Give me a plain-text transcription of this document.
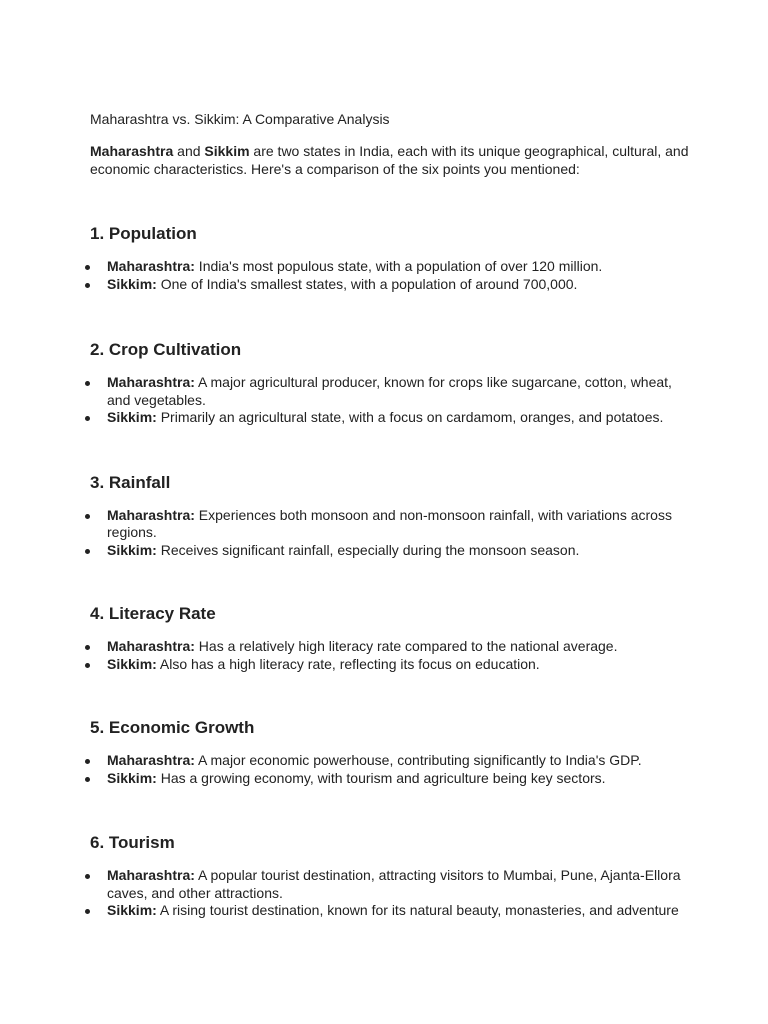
Maharashtra vs. Sikkim: A Comparative Analysis

Maharashtra and Sikkim are two states in India, each with its unique geographical, cultural, and economic characteristics. Here's a comparison of the six points you mentioned:

1. Population
Maharashtra: India's most populous state, with a population of over 120 million.
Sikkim: One of India's smallest states, with a population of around 700,000.
2. Crop Cultivation
Maharashtra: A major agricultural producer, known for crops like sugarcane, cotton, wheat, and vegetables.
Sikkim: Primarily an agricultural state, with a focus on cardamom, oranges, and potatoes.
3. Rainfall
Maharashtra: Experiences both monsoon and non-monsoon rainfall, with variations across regions.
Sikkim: Receives significant rainfall, especially during the monsoon season.
4. Literacy Rate
Maharashtra: Has a relatively high literacy rate compared to the national average.
Sikkim: Also has a high literacy rate, reflecting its focus on education.
5. Economic Growth
Maharashtra: A major economic powerhouse, contributing significantly to India's GDP.
Sikkim: Has a growing economy, with tourism and agriculture being key sectors.
6. Tourism
Maharashtra: A popular tourist destination, attracting visitors to Mumbai, Pune, Ajanta-Ellora caves, and other attractions.
Sikkim: A rising tourist destination, known for its natural beauty, monasteries, and adventure
